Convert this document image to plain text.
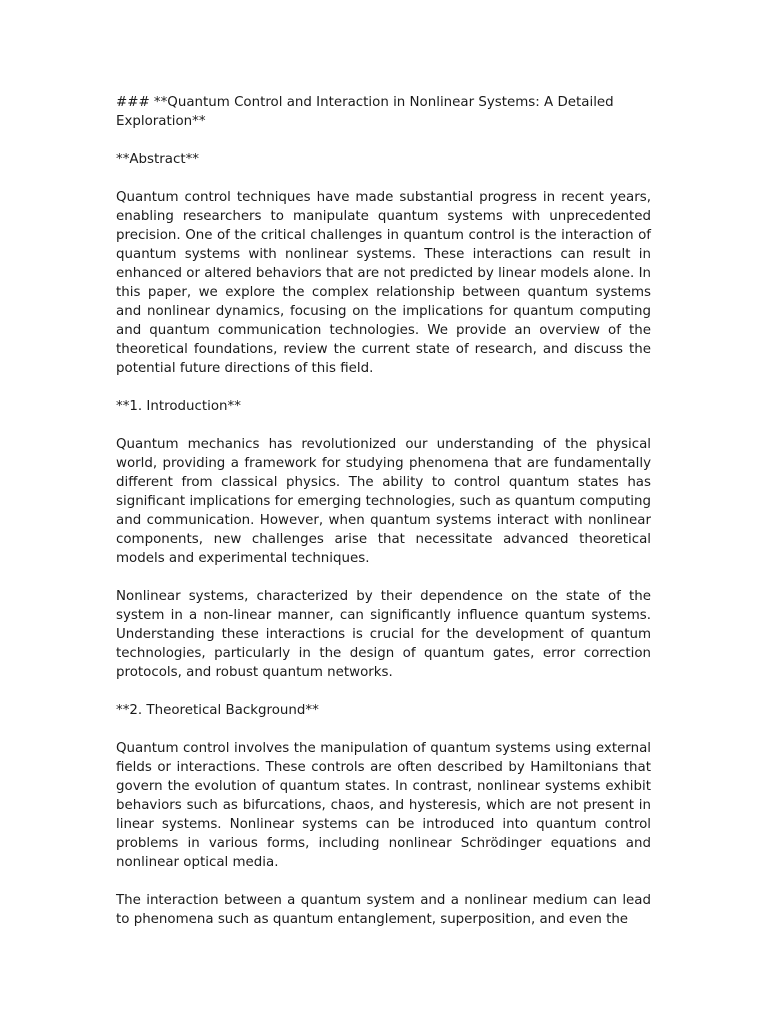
### **Quantum Control and Interaction in Nonlinear Systems: A Detailed Exploration**

**Abstract**

Quantum control techniques have made substantial progress in recent years, enabling researchers to manipulate quantum systems with unprecedented precision. One of the critical challenges in quantum control is the interaction of quantum systems with nonlinear systems. These interactions can result in enhanced or altered behaviors that are not predicted by linear models alone. In this paper, we explore the complex relationship between quantum systems and nonlinear dynamics, focusing on the implications for quantum computing and quantum communication technologies. We provide an overview of the theoretical foundations, review the current state of research, and discuss the potential future directions of this field.

**1. Introduction**

Quantum mechanics has revolutionized our understanding of the physical world, providing a framework for studying phenomena that are fundamentally different from classical physics. The ability to control quantum states has significant implications for emerging technologies, such as quantum computing and communication. However, when quantum systems interact with nonlinear components, new challenges arise that necessitate advanced theoretical models and experimental techniques.

Nonlinear systems, characterized by their dependence on the state of the system in a non-linear manner, can significantly influence quantum systems. Understanding these interactions is crucial for the development of quantum technologies, particularly in the design of quantum gates, error correction protocols, and robust quantum networks.

**2. Theoretical Background**

Quantum control involves the manipulation of quantum systems using external fields or interactions. These controls are often described by Hamiltonians that govern the evolution of quantum states. In contrast, nonlinear systems exhibit behaviors such as bifurcations, chaos, and hysteresis, which are not present in linear systems. Nonlinear systems can be introduced into quantum control problems in various forms, including nonlinear Schrödinger equations and nonlinear optical media.

The interaction between a quantum system and a nonlinear medium can lead to phenomena such as quantum entanglement, superposition, and even the
